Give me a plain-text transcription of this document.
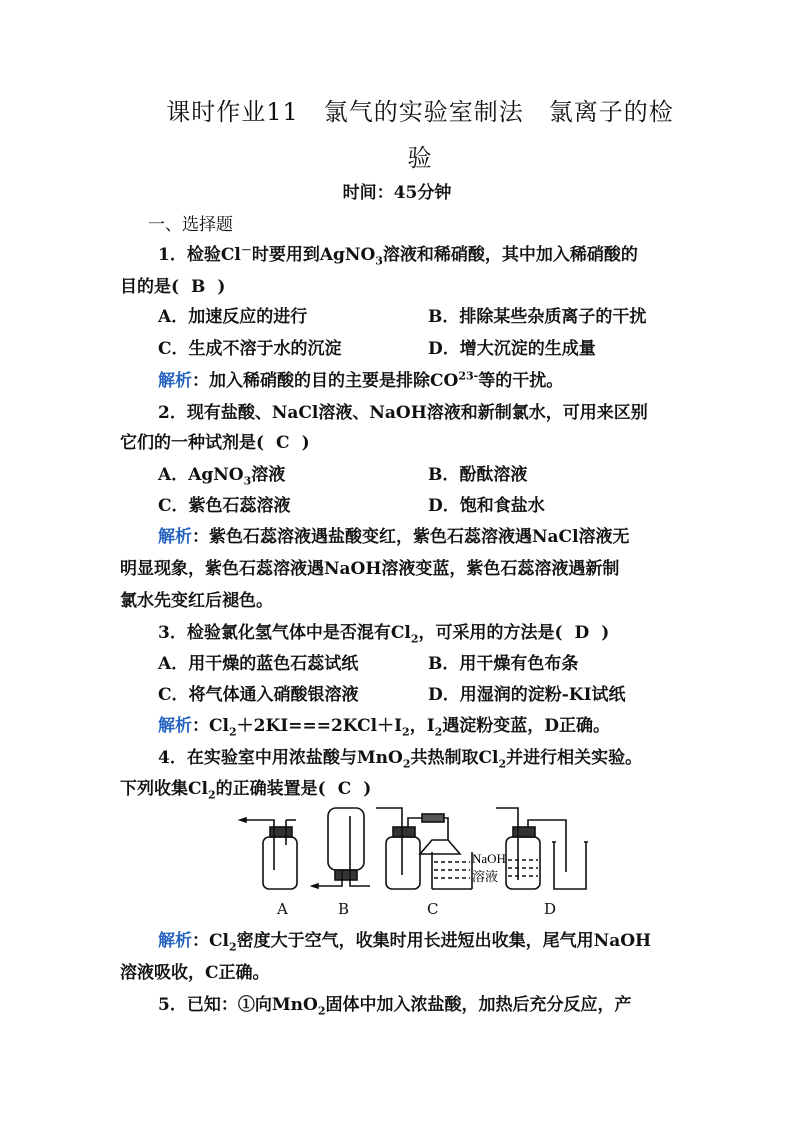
课时作业11　氯气的实验室制法　氯离子的检
验
时间：45分钟
一、选择题
1．检验Cl－时要用到AgNO$_3$溶液和稀硝酸，其中加入稀硝酸的
目的是( B )
A．加速反应的进行	B．排除某些杂质离子的干扰
C．生成不溶于水的沉淀	D．增大沉淀的生成量
解析：加入稀硝酸的目的主要是排除$CO^{23-}$等的干扰。
2．现有盐酸、NaCl溶液、NaOH溶液和新制氯水，可用来区别
它们的一种试剂是( C )
A．AgNO$_3$溶液	B．酚酞溶液
C．紫色石蕊溶液	D．饱和食盐水
解析：紫色石蕊溶液遇盐酸变红，紫色石蕊溶液遇NaCl溶液无
明显现象，紫色石蕊溶液遇NaOH溶液变蓝，紫色石蕊溶液遇新制
氯水先变红后褪色。
3．检验氯化氢气体中是否混有$Cl_2$，可采用的方法是( D )
A．用干燥的蓝色石蕊试纸	B．用干燥有色布条
C．将气体通入硝酸银溶液	D．用湿润的淀粉-KI试纸
解析：$Cl_2+2KI===2KCl+I_2$，$I_2$遇淀粉变蓝，D正确。
4．在实验室中用浓盐酸与MnO$_2$共热制取$Cl_2$并进行相关实验。
下列收集$Cl_2$的正确装置是( C )
NaOH
溶液
A	B	C	D
解析：$Cl_2$密度大于空气，收集时用长进短出收集，尾气用NaOH
溶液吸收，C正确。
5．已知：①向MnO$_2$固体中加入浓盐酸，加热后充分反应，产
